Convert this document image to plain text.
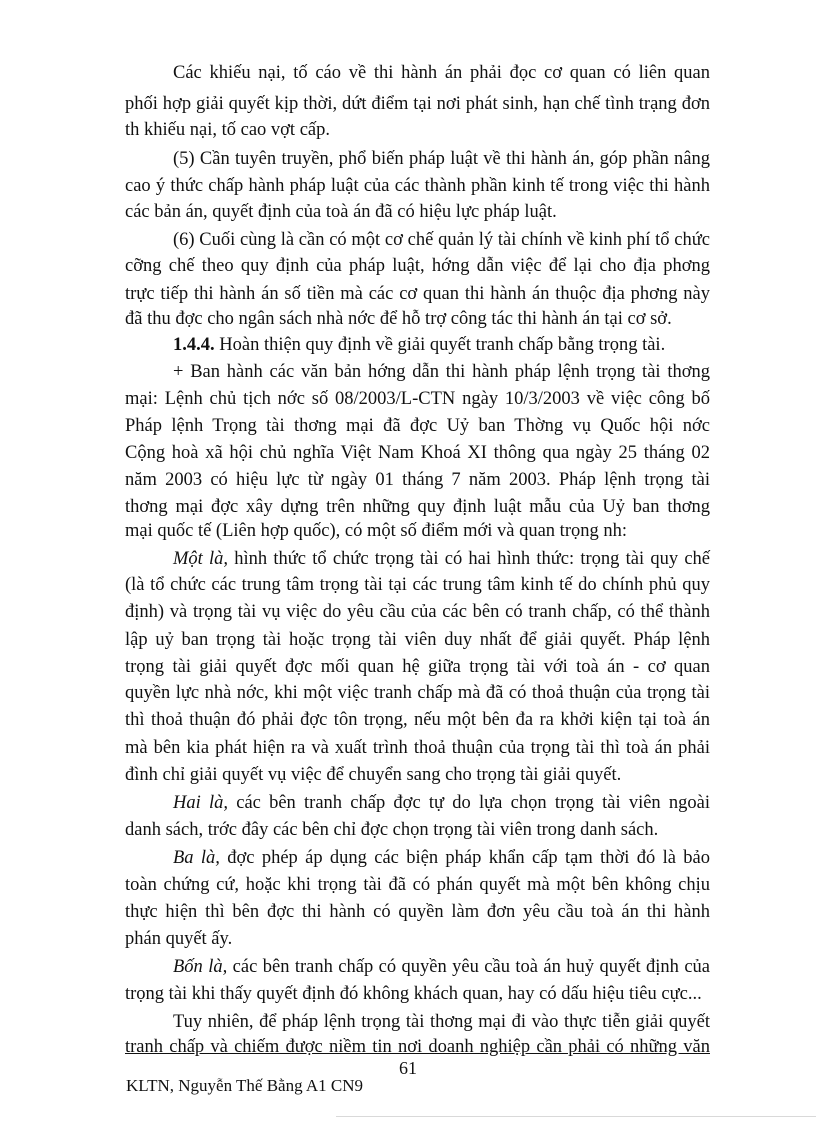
Các khiếu nại, tố cáo về thi hành án phải đọc cơ quan có liên quan
phối hợp giải quyết kịp thời, dứt điểm tại nơi phát sinh, hạn chế tình trạng đơn
th khiếu nại, tố cao vợt cấp.
(5) Cần tuyên truyền, phổ biến pháp luật về thi hành án, góp phần nâng
cao ý thức chấp hành pháp luật của các thành phần kinh tế trong việc thi hành
các bản án, quyết định của toà án đã có hiệu lực pháp luật.
(6) Cuối cùng là cần có một cơ chế quản lý tài chính về kinh phí tổ chức
cỡng chế theo quy định của pháp luật, hớng dẫn việc để lại cho địa phơng
trực tiếp thi hành án số tiền mà các cơ quan thi hành án thuộc địa phơng này
đã thu đợc cho ngân sách nhà nớc để hỗ trợ công tác thi hành án tại cơ sở.
1.4.4. Hoàn thiện quy định về giải quyết tranh chấp bằng trọng tài.
+ Ban hành các văn bản hớng dẫn thi hành pháp lệnh trọng tài thơng
mại: Lệnh chủ tịch nớc số 08/2003/L-CTN ngày 10/3/2003 về việc công bố
Pháp lệnh Trọng tài thơng mại đã đợc Uỷ ban Thờng vụ Quốc hội nớc
Cộng hoà xã hội chủ nghĩa Việt Nam Khoá XI thông qua ngày 25 tháng 02
năm 2003 có hiệu lực từ ngày 01 tháng 7 năm 2003. Pháp lệnh trọng tài
thơng mại đợc xây dựng trên những quy định luật mẫu của Uỷ ban thơng
mại quốc tế (Liên hợp quốc), có một số điểm mới và quan trọng nh:
Một là, hình thức tổ chức trọng tài có hai hình thức: trọng tài quy chế
(là tổ chức các trung tâm trọng tài tại các trung tâm kinh tế do chính phủ quy
định) và trọng tài vụ việc do yêu cầu của các bên có tranh chấp, có thể thành
lập uỷ ban trọng tài hoặc trọng tài viên duy nhất để giải quyết. Pháp lệnh
trọng tài giải quyết đợc mối quan hệ giữa trọng tài với toà án - cơ quan
quyền lực nhà nớc, khi một việc tranh chấp mà đã có thoả thuận của trọng tài
thì thoả thuận đó phải đợc tôn trọng, nếu một bên đa ra khởi kiện tại toà án
mà bên kia phát hiện ra và xuất trình thoả thuận của trọng tài thì toà án phải
đình chỉ giải quyết vụ việc để chuyển sang cho trọng tài giải quyết.
Hai là, các bên tranh chấp đợc tự do lựa chọn trọng tài viên ngoài
danh sách, trớc đây các bên chỉ đợc chọn trọng tài viên trong danh sách.
Ba là, đợc phép áp dụng các biện pháp khẩn cấp tạm thời đó là bảo
toàn chứng cứ, hoặc khi trọng tài đã có phán quyết mà một bên không chịu
thực hiện thì bên đợc thi hành có quyền làm đơn yêu cầu toà án thi hành
phán quyết ấy.
Bốn là, các bên tranh chấp có quyền yêu cầu toà án huỷ quyết định của
trọng tài khi thấy quyết định đó không khách quan, hay có dấu hiệu tiêu cực...
Tuy nhiên, để pháp lệnh trọng tài thơng mại đi vào thực tiễn giải quyết
tranh chấp và chiếm được niềm tin nơi doanh nghiệp cần phải có những văn
61
KLTN, Nguyễn Thế Bằng A1 CN9
